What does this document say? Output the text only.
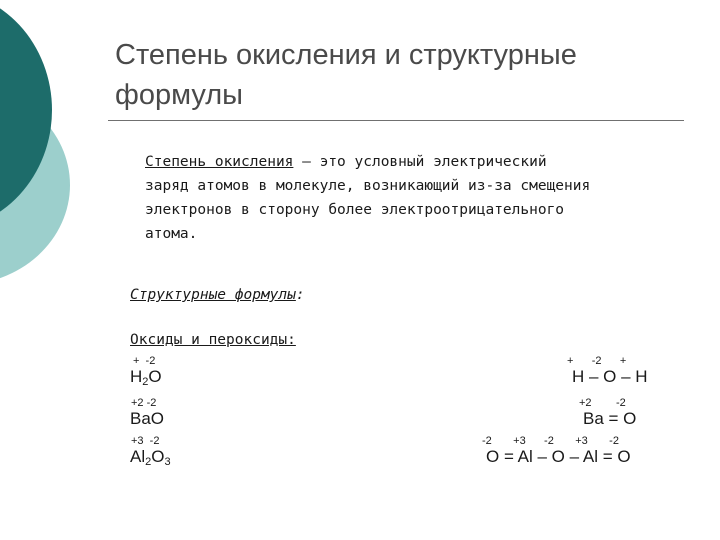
Степень окисления и структурные формулы

Степень окисления – это условный электрический
заряд атомов в молекуле, возникающий из-за смещения
электронов в сторону более электроотрицательного
атома.

Структурные формулы:
Оксиды и пероксиды:
+  -2
$H_2O$
+2 -2
BaO
+3  -2
$Al_2O_3$
+      -2      +
H – O – H
+2        -2
Ba = O
-2       +3      -2       +3       -2
O = Al – O – Al = O
